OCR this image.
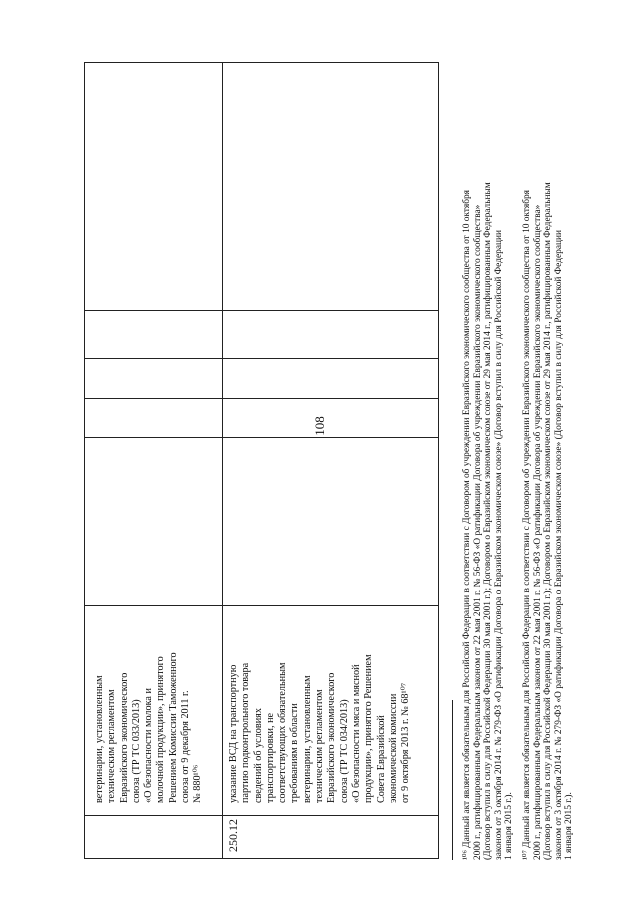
ветеринарии, установленным техническим регламентом Евразийского экономического союза (ТР ТС 033/2013) «О безопасности молока и молочной продукции», принятого Решением Комиссии Таможенного союза от 9 декабря 2011 г. № 880¹⁰⁶
250.12
указание ВСД на транспортную партию подконтрольного товара сведений об условиях транспортировки, не соответствующих обязательным требованиям в области ветеринарии, установленным техническим регламентом Евразийского экономического союза (ТР ТС 034/2013) «О безопасности мяса и мясной продукции», принятого Решением Совета Евразийской экономической комиссии от 9 октября 2013 г. № 68¹⁰⁷
108	¹⁰⁶ Данный акт является обязательным для Российской Федерации в соответствии с Договором об учреждении Евразийского экономического сообщества от 10 октября 2000 г., ратифицированным Федеральным законом от 22 мая 2001 г. № 56-ФЗ «О ратификации Договора об учреждении Евразийского экономического сообщества» (Договор вступил в силу для Российской Федерации 30 мая 2001 г.); Договором о Евразийском экономическом союзе от 29 мая 2014 г., ратифицированным Федеральным законом от 3 октября 2014 г. № 279-ФЗ «О ратификации Договора о Евразийском экономическом союзе» (Договор вступил в силу для Российской Федерации 1 января 2015 г.). ¹⁰⁷ Данный акт является обязательным для Российской Федерации в соответствии с Договором об учреждении Евразийского экономического сообщества от 10 октября 2000 г., ратифицированным Федеральным законом от 22 мая 2001 г. № 56-ФЗ «О ратификации Договора об учреждении Евразийского экономического сообщества» (Договор вступил в силу для Российской Федерации 30 мая 2001 г.); Договором о Евразийском экономическом союзе от 29 мая 2014 г., ратифицированным Федеральным законом от 3 октября 2014 г. № 279-ФЗ «О ратификации Договора о Евразийском экономическом союзе» (Договор вступил в силу для Российской Федерации 1 января 2015 г.).
